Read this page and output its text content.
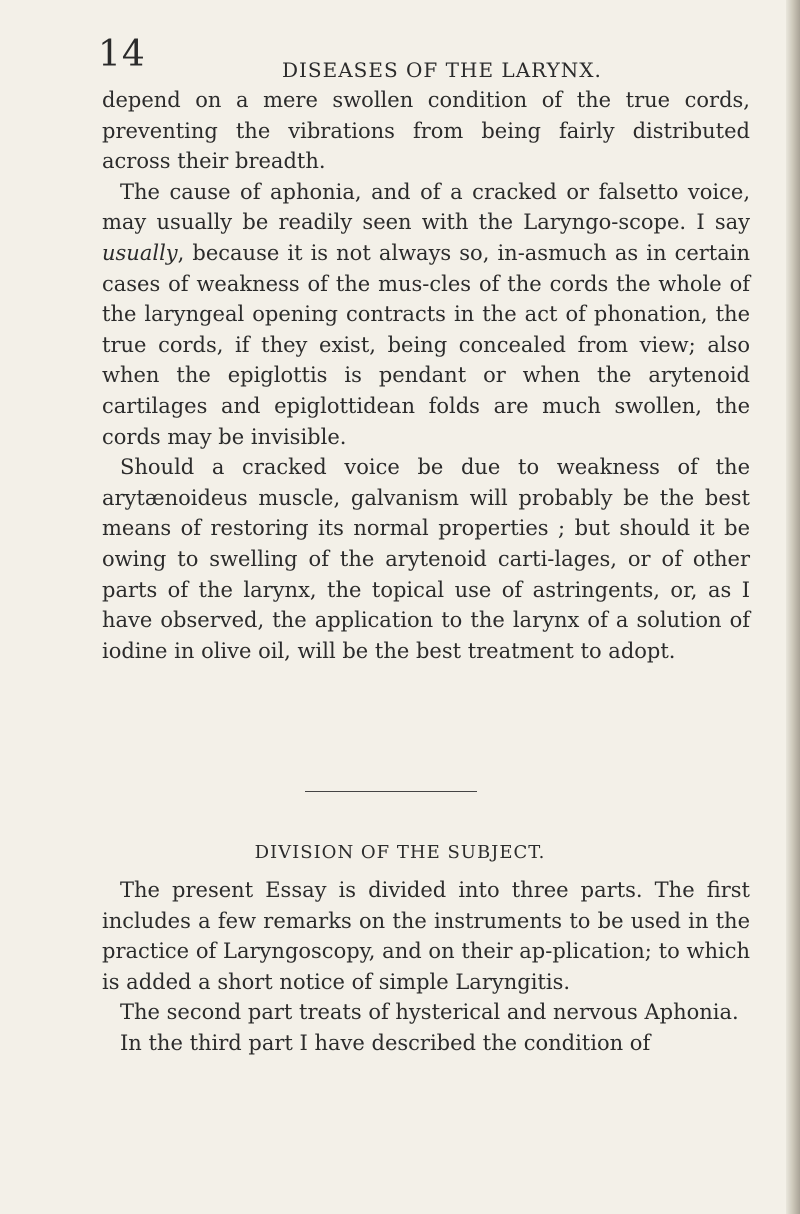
14	DISEASES OF THE LARYNX.

depend on a mere swollen condition of the true cords, preventing the vibrations from being fairly distributed across their breadth.

The cause of aphonia, and of a cracked or falsetto voice, may usually be readily seen with the Laryngo-scope. I say usually, because it is not always so, in-asmuch as in certain cases of weakness of the mus-cles of the cords the whole of the laryngeal opening contracts in the act of phonation, the true cords, if they exist, being concealed from view; also when the epiglottis is pendant or when the arytenoid cartilages and epiglottidean folds are much swollen, the cords may be invisible.

Should a cracked voice be due to weakness of the arytænoideus muscle, galvanism will probably be the best means of restoring its normal properties ; but should it be owing to swelling of the arytenoid carti-lages, or of other parts of the larynx, the topical use of astringents, or, as I have observed, the application to the larynx of a solution of iodine in olive oil, will be the best treatment to adopt.

DIVISION OF THE SUBJECT.

The present Essay is divided into three parts. The first includes a few remarks on the instruments to be used in the practice of Laryngoscopy, and on their ap-plication; to which is added a short notice of simple Laryngitis.

The second part treats of hysterical and nervous Aphonia.

In the third part I have described the condition of
